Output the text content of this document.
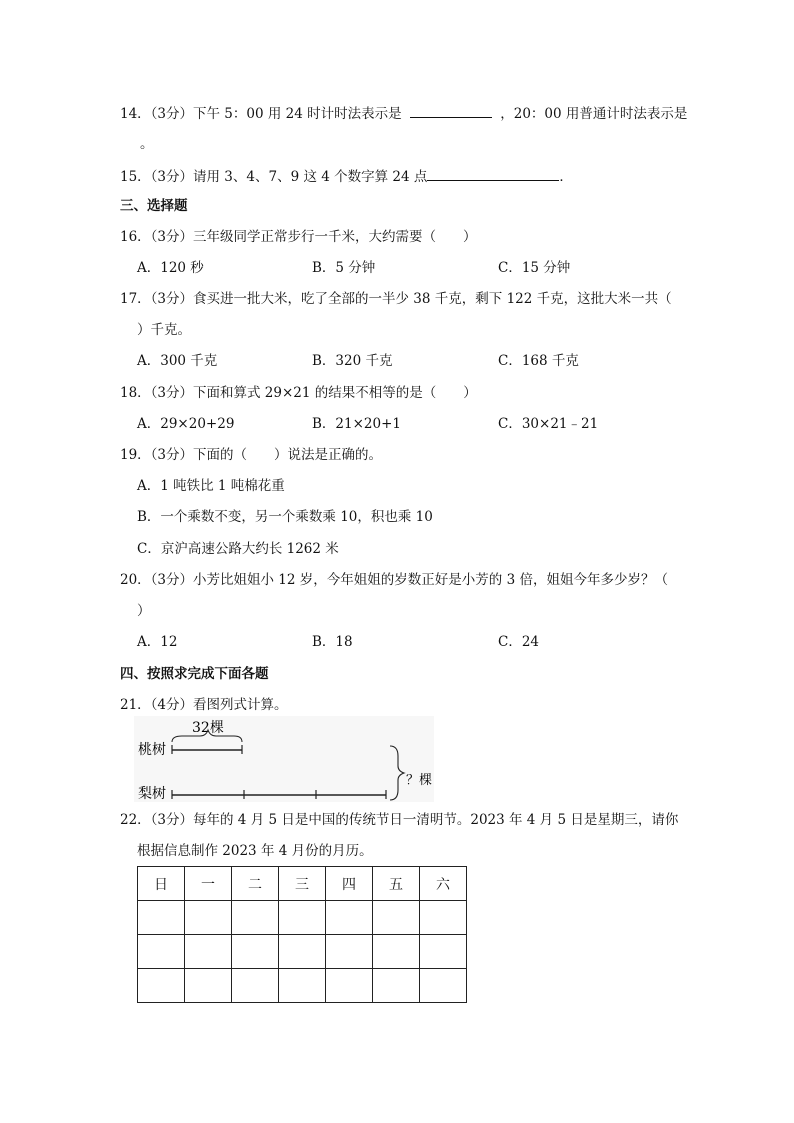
14．（3分）下午 5：00 用 24 时计时法表示是	，20：00 用普通计时法表示是
。
15．（3分）请用 3、4、7、9 这 4 个数字算 24 点	．
三、选择题
16．（3分）三年级同学正常步行一千米，大约需要（　　）
A．120 秒	B．5 分钟	C．15 分钟
17．（3分）食买进一批大米，吃了全部的一半少 38 千克，剩下 122 千克，这批大米一共（
）千克。
A．300 千克	B．320 千克	C．168 千克
18．（3分）下面和算式 29×21 的结果不相等的是（　　）
A．29×20+29	B．21×20+1	C．30×21﹣21
19．（3分）下面的（　　）说法是正确的。
A．1 吨铁比 1 吨棉花重
B．一个乘数不变，另一个乘数乘 10，积也乘 10
C．京沪高速公路大约长 1262 米
20．（3分）小芳比姐姐小 12 岁，今年姐姐的岁数正好是小芳的 3 倍，姐姐今年多少岁？（
）
A．12	B．18	C．24
四、按照求完成下面各题
21．（4分）看图列式计算。
32棵
桃树
梨树
？棵
22．（3分）每年的 4 月 5 日是中国的传统节日一清明节。2023 年 4 月 5 日是星期三，请你
根据信息制作 2023 年 4 月份的月历。
日	一	二	三	四	五	六
